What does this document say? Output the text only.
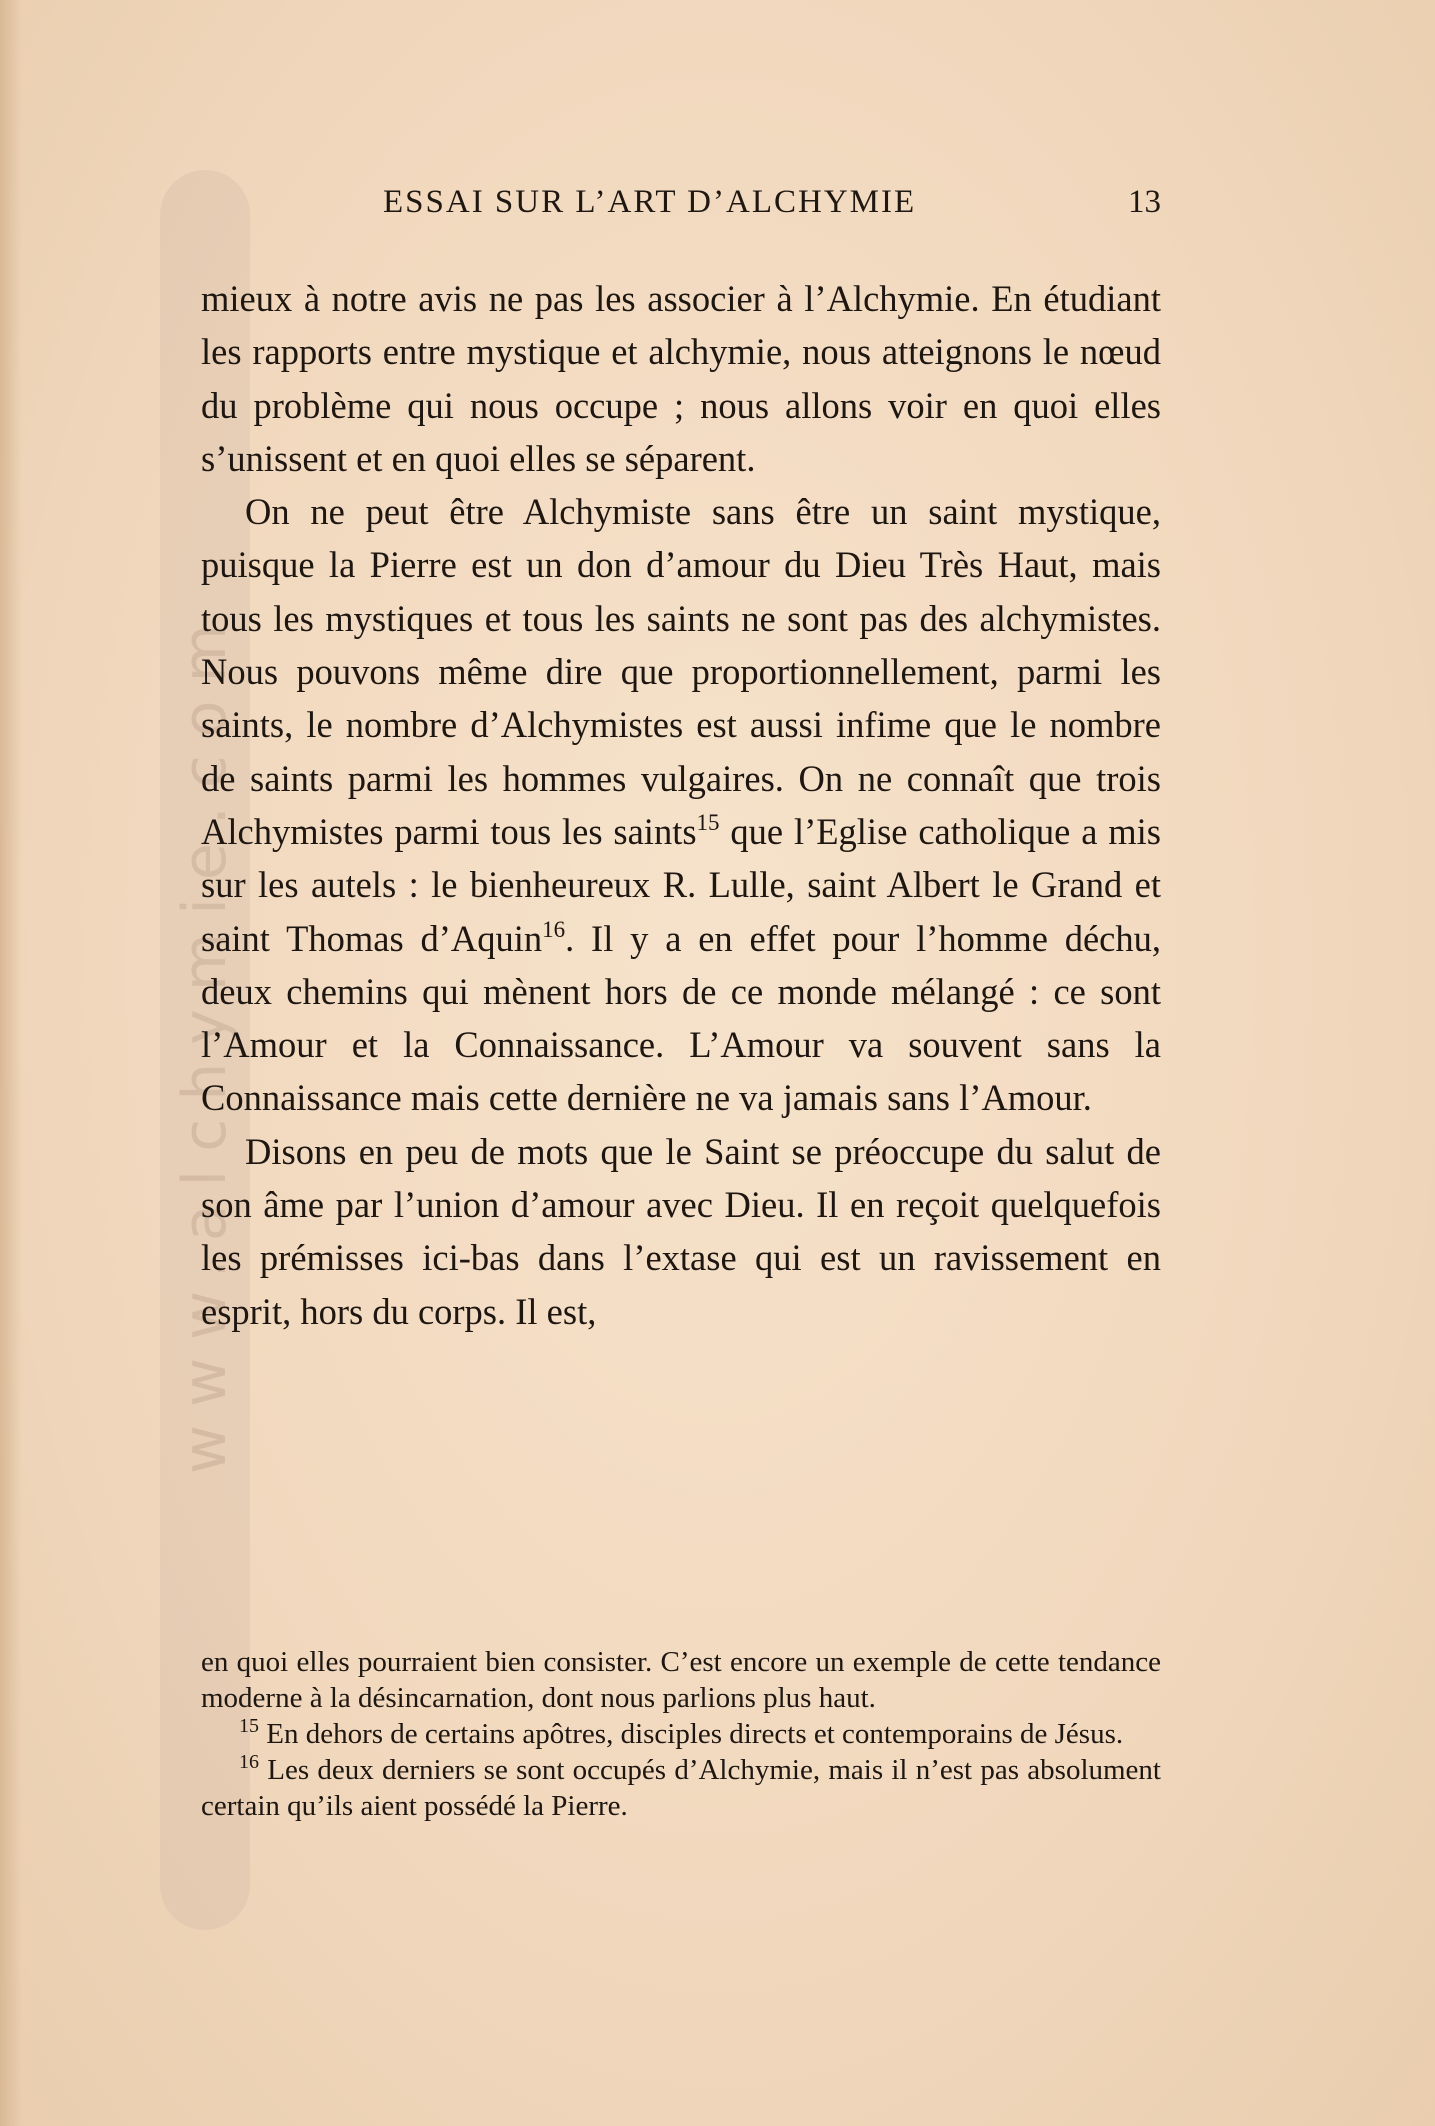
www.alchymie.com
ESSAI SUR L’ART D’ALCHYMIE	13

mieux à notre avis ne pas les associer à l’Alchymie. En étudiant les rapports entre mystique et alchymie, nous atteignons le nœud du problème qui nous occupe ; nous allons voir en quoi elles s’unissent et en quoi elles se séparent.

On ne peut être Alchymiste sans être un saint mystique, puisque la Pierre est un don d’amour du Dieu Très Haut, mais tous les mystiques et tous les saints ne sont pas des alchymistes. Nous pouvons même dire que proportionnellement, parmi les saints, le nombre d’Alchymistes est aussi infime que le nombre de saints parmi les hommes vulgaires. On ne connaît que trois Alchymistes parmi tous les saints$^{15}$ que l’Eglise catholique a mis sur les autels : le bienheureux R. Lulle, saint Albert le Grand et saint Thomas d’Aquin$^{16}$. Il y a en effet pour l’homme déchu, deux chemins qui mènent hors de ce monde mélangé : ce sont l’Amour et la Connaissance. L’Amour va souvent sans la Connaissance mais cette dernière ne va jamais sans l’Amour.

Disons en peu de mots que le Saint se préoccupe du salut de son âme par l’union d’amour avec Dieu. Il en reçoit quelquefois les prémisses ici-bas dans l’extase qui est un ravissement en esprit, hors du corps. Il est,

en quoi elles pourraient bien consister. C’est encore un exemple de cette tendance moderne à la désincarnation, dont nous parlions plus haut.

$^{15}$ En dehors de certains apôtres, disciples directs et contemporains de Jésus.

$^{16}$ Les deux derniers se sont occupés d’Alchymie, mais il n’est pas absolument certain qu’ils aient possédé la Pierre.
